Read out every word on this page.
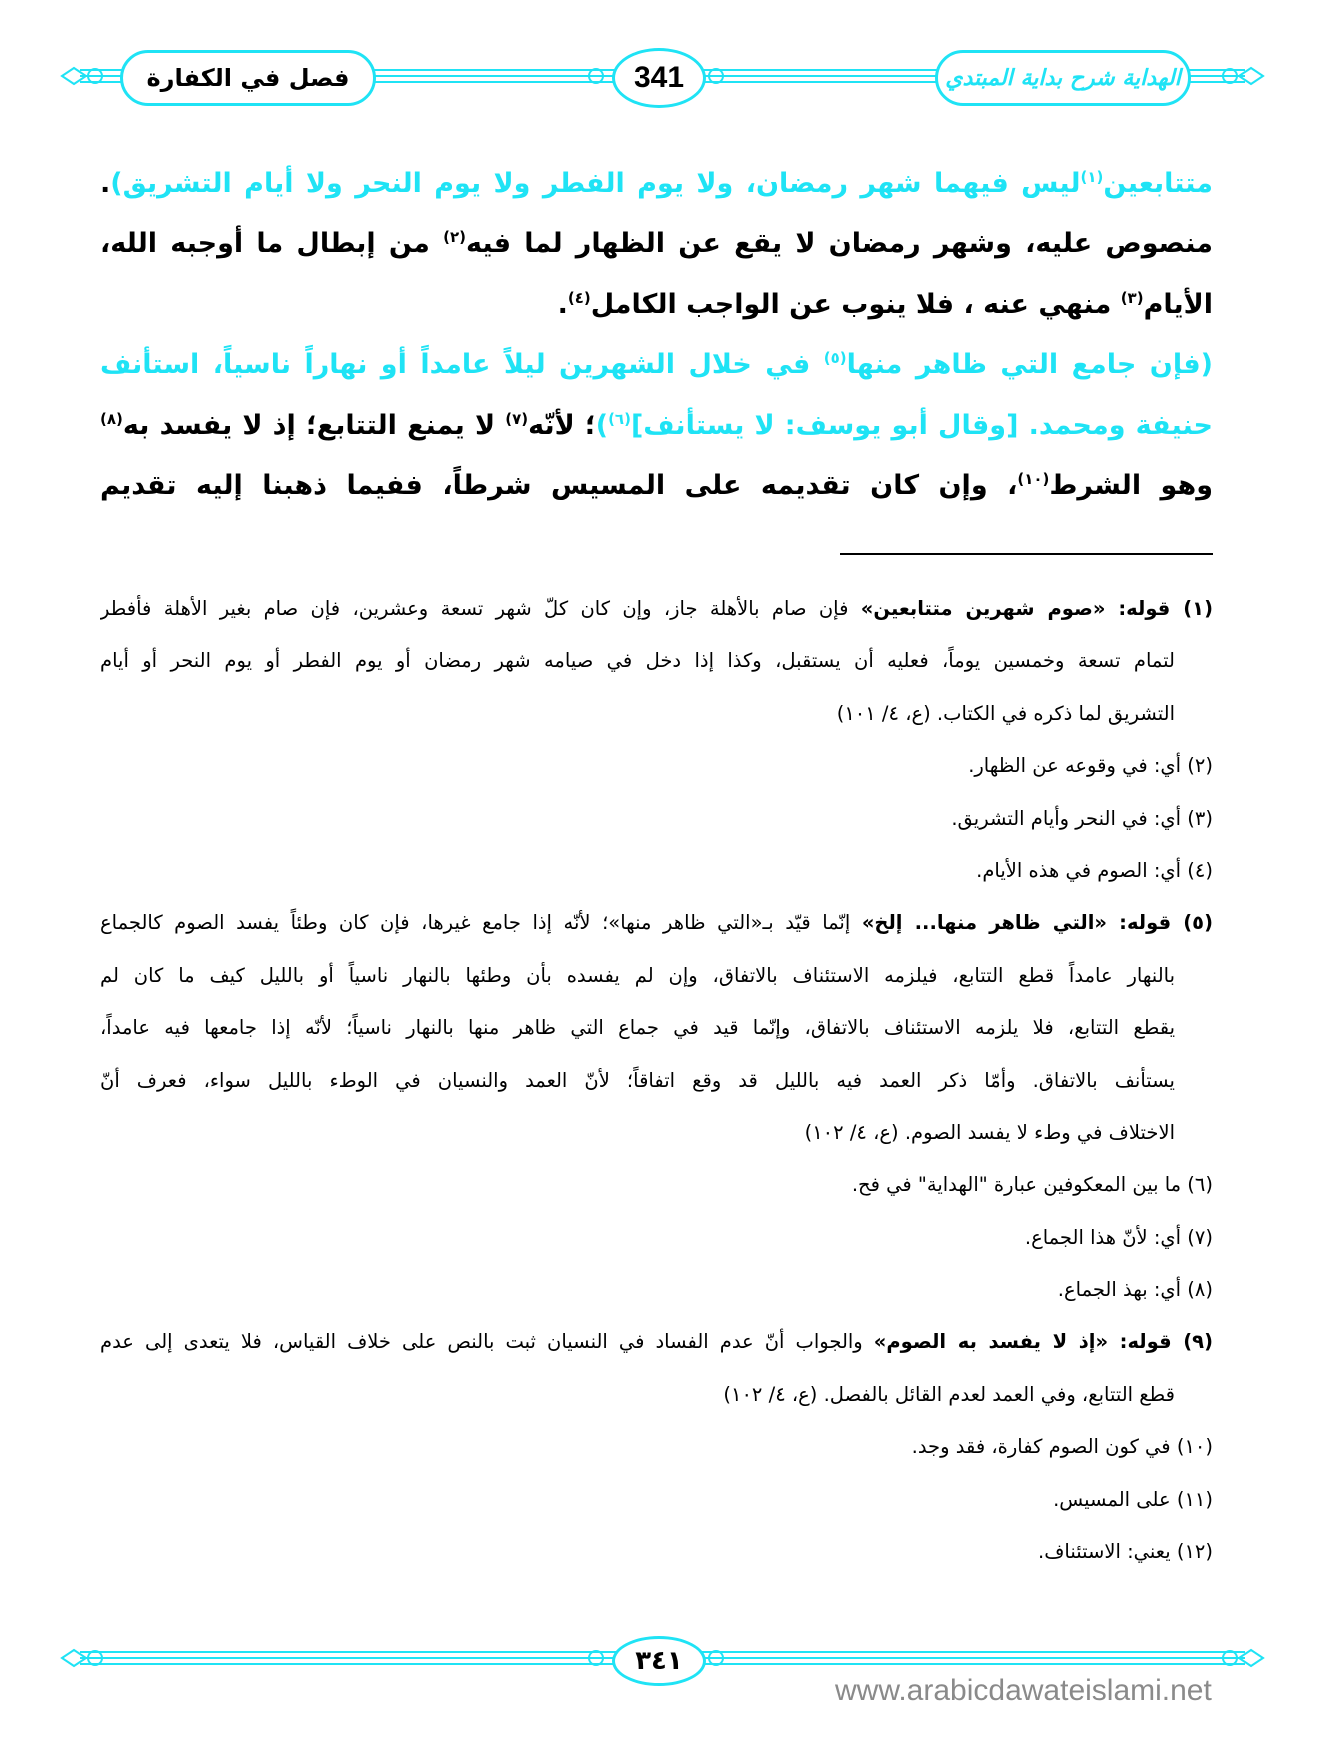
الهداية شرح بداية المبتدي
341
فصل في الكفارة
متتابعين$^{(١)}$ليس فيهما شهر رمضان، ولا يوم الفطر ولا يوم النحر ولا أيام التشريق).
منصوص عليه، وشهر رمضان لا يقع عن الظهار لما فيه$^{(٢)}$ من إبطال ما أوجبه الله،
الأيام$^{(٣)}$ منهي عنه ، فلا ينوب عن الواجب الكامل$^{(٤)}$.
(فإن جامع التي ظاهر منها$^{(٥)}$ في خلال الشهرين ليلاً عامداً أو نهاراً ناسياً، استأنف
حنيفة ومحمد. [وقال أبو يوسف: لا يستأنف]$^{(٦)}$)؛ لأنّه$^{(٧)}$ لا يمنع التتابع؛ إذ لا يفسد به$^{(٨)}$
وهو الشرط$^{(١٠)}$، وإن كان تقديمه على المسيس شرطاً، ففيما ذهبنا إليه تقديم
(١) قوله: «صوم شهرين متتابعين» فإن صام بالأهلة جاز، وإن كان كلّ شهر تسعة وعشرين، فإن صام بغير الأهلة فأفطر
لتمام تسعة وخمسين يوماً، فعليه أن يستقبل، وكذا إذا دخل في صيامه شهر رمضان أو يوم الفطر أو يوم النحر أو أيام
التشريق لما ذكره في الكتاب. (ع، ٤/ ١٠١)
(٢) أي: في وقوعه عن الظهار.
(٣) أي: في النحر وأيام التشريق.
(٤) أي: الصوم في هذه الأيام.
(٥) قوله: «التي ظاهر منها... إلخ» إنّما قيّد بـ«التي ظاهر منها»؛ لأنّه إذا جامع غيرها، فإن كان وطئاً يفسد الصوم كالجماع
بالنهار عامداً قطع التتابع، فيلزمه الاستئناف بالاتفاق، وإن لم يفسده بأن وطئها بالنهار ناسياً أو بالليل كيف ما كان لم
يقطع التتابع، فلا يلزمه الاستئناف بالاتفاق، وإنّما قيد في جماع التي ظاهر منها بالنهار ناسياً؛ لأنّه إذا جامعها فيه عامداً،
يستأنف بالاتفاق. وأمّا ذكر العمد فيه بالليل قد وقع اتفاقاً؛ لأنّ العمد والنسيان في الوطء بالليل سواء، فعرف أنّ
الاختلاف في وطء لا يفسد الصوم. (ع، ٤/ ١٠٢)
(٦) ما بين المعكوفين عبارة "الهداية" في فح.
(٧) أي: لأنّ هذا الجماع.
(٨) أي: بهذ الجماع.
(٩) قوله: «إذ لا يفسد به الصوم» والجواب أنّ عدم الفساد في النسيان ثبت بالنص على خلاف القياس، فلا يتعدى إلى عدم
قطع التتابع، وفي العمد لعدم القائل بالفصل. (ع، ٤/ ١٠٢)
(١٠) في كون الصوم كفارة، فقد وجد.
(١١) على المسيس.
(١٢) يعني: الاستئناف.
٣٤١
www.arabicdawateislami.net
